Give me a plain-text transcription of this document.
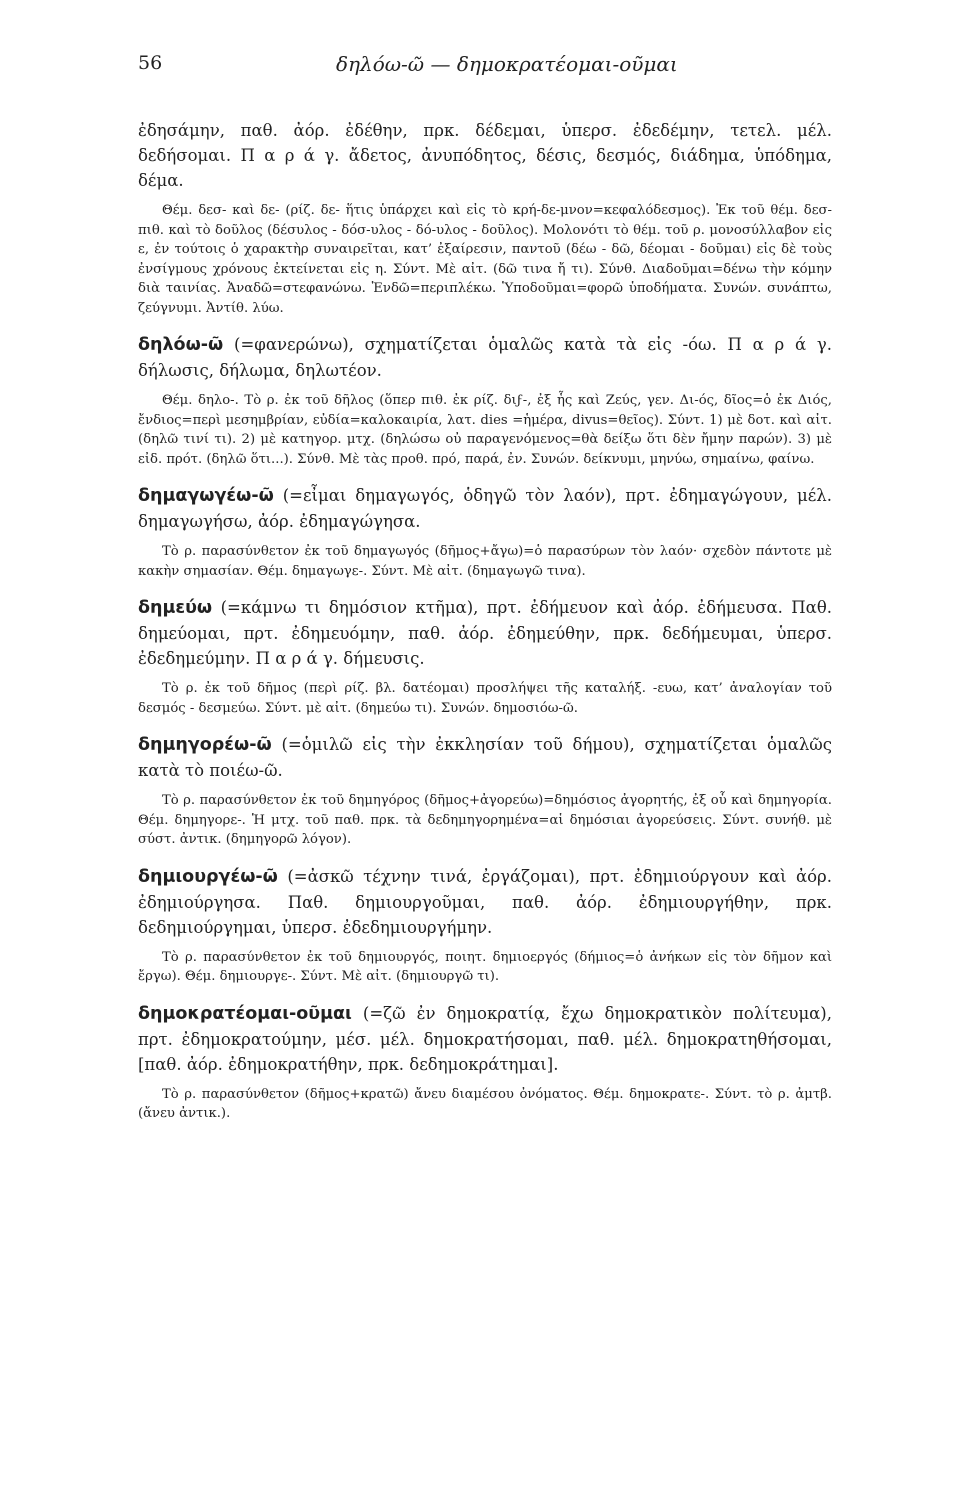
56	δηλόω-ῶ — δημοκρατέομαι-οῦμαι

ἐδησάμην, παθ. ἀόρ. ἐδέθην, πρκ. δέδεμαι, ὑπερσ. ἐδεδέμην, τετελ. μέλ. δεδήσομαι. Π α ρ ά γ. ἄδετος, ἀνυπόδητος, δέσις, δεσμός, διάδημα, ὑπόδημα, δέμα.

Θέμ. δεσ- καὶ δε- (ρίζ. δε- ἥτις ὑπάρχει καὶ εἰς τὸ κρή-δε-μνον=κεφαλόδεσμος). Ἐκ τοῦ θέμ. δεσ- πιθ. καὶ τὸ δοῦλος (δέσυλος - δόσ-υλος - δό-υλος - δοῦλος). Μολονότι τὸ θέμ. τοῦ ρ. μονοσύλλαβον εἰς ε, ἐν τούτοις ὁ χαρακτὴρ συναιρεῖται, κατ’ ἐξαίρεσιν, παντοῦ (δέω - δῶ, δέομαι - δοῦμαι) εἰς δὲ τοὺς ἐνσίγμους χρόνους ἐκτείνεται εἰς η. Σύντ. Μὲ αἰτ. (δῶ τινα ἤ τι). Σύνθ. Διαδοῦμαι=δένω τὴν κόμην διὰ ταινίας. Ἀναδῶ=στεφανώνω. Ἐνδῶ=περιπλέκω. Ὑποδοῦμαι=φορῶ ὑποδήματα. Συνών. συνάπτω, ζεύγνυμι. Ἀντίθ. λύω.

δηλόω-ῶ (=φανερώνω), σχηματίζεται ὁμαλῶς κατὰ τὰ εἰς -όω. Π α ρ ά γ. δήλωσις, δήλωμα, δηλωτέον.

Θέμ. δηλο-. Τὸ ρ. ἐκ τοῦ δῆλος (ὅπερ πιθ. ἐκ ρίζ. διϝ-, ἐξ ἧς καὶ Ζεύς, γεν. Δι-ός, δῖος=ὁ ἐκ Διός, ἔνδιος=περὶ μεσημβρίαν, εὐδία=καλοκαιρία, λατ. dies =ἡμέρα, divus=θεῖος). Σύντ. 1) μὲ δοτ. καὶ αἰτ. (δηλῶ τινί τι). 2) μὲ κατηγορ. μτχ. (δηλώσω οὐ παραγενόμενος=θὰ δείξω ὅτι δὲν ἤμην παρών). 3) μὲ εἰδ. πρότ. (δηλῶ ὅτι...). Σύνθ. Μὲ τὰς προθ. πρό, παρά, ἐν. Συνών. δείκνυμι, μηνύω, σημαίνω, φαίνω.

δημαγωγέω-ῶ (=εἶμαι δημαγωγός, ὁδηγῶ τὸν λαόν), πρτ. ἐδημαγώγουν, μέλ. δημαγωγήσω, ἀόρ. ἐδημαγώγησα.

Τὸ ρ. παρασύνθετον ἐκ τοῦ δημαγωγός (δῆμος+ἄγω)=ὁ παρασύρων τὸν λαόν· σχεδὸν πάντοτε μὲ κακὴν σημασίαν. Θέμ. δημαγωγε-. Σύντ. Μὲ αἰτ. (δημαγωγῶ τινα).

δημεύω (=κάμνω τι δημόσιον κτῆμα), πρτ. ἐδήμευον καὶ ἀόρ. ἐδήμευσα. Παθ. δημεύομαι, πρτ. ἐδημευόμην, παθ. ἀόρ. ἐδημεύθην, πρκ. δεδήμευμαι, ὑπερσ. ἐδεδημεύμην. Π α ρ ά γ. δήμευσις.

Τὸ ρ. ἐκ τοῦ δῆμος (περὶ ρίζ. βλ. δατέομαι) προσλήψει τῆς καταλήξ. -ευω, κατ’ ἀναλογίαν τοῦ δεσμός - δεσμεύω. Σύντ. μὲ αἰτ. (δημεύω τι). Συνών. δημοσιόω-ῶ.

δημηγορέω-ῶ (=ὁμιλῶ εἰς τὴν ἐκκλησίαν τοῦ δήμου), σχηματίζεται ὁμαλῶς κατὰ τὸ ποιέω-ῶ.

Τὸ ρ. παρασύνθετον ἐκ τοῦ δημηγόρος (δῆμος+ἀγορεύω)=δημόσιος ἀγορητής, ἐξ οὗ καὶ δημηγορία. Θέμ. δημηγορε-. Ἡ μτχ. τοῦ παθ. πρκ. τὰ δεδημηγορημένα=αἱ δημόσιαι ἀγορεύσεις. Σύντ. συνήθ. μὲ σύστ. ἀντικ. (δημηγορῶ λόγον).

δημιουργέω-ῶ (=ἀσκῶ τέχνην τινά, ἐργάζομαι), πρτ. ἐδημιούργουν καὶ ἀόρ. ἐδημιούργησα. Παθ. δημιουργοῦμαι, παθ. ἀόρ. ἐδημιουργήθην, πρκ. δεδημιούργημαι, ὑπερσ. ἐδεδημιουργήμην.

Τὸ ρ. παρασύνθετον ἐκ τοῦ δημιουργός, ποιητ. δημιοεργός (δήμιος=ὁ ἀνήκων εἰς τὸν δῆμον καὶ ἔργω). Θέμ. δημιουργε-. Σύντ. Μὲ αἰτ. (δημιουργῶ τι).

δημοκρατέομαι-οῦμαι (=ζῶ ἐν δημοκρατίᾳ, ἔχω δημοκρατικὸν πολίτευμα), πρτ. ἐδημοκρατούμην, μέσ. μέλ. δημοκρατήσομαι, παθ. μέλ. δημοκρατηθήσομαι, [παθ. ἀόρ. ἐδημοκρατήθην, πρκ. δεδημοκράτημαι].

Τὸ ρ. παρασύνθετον (δῆμος+κρατῶ) ἄνευ διαμέσου ὀνόματος. Θέμ. δημοκρατε-. Σύντ. τὸ ρ. ἀμτβ. (ἄνευ ἀντικ.).
